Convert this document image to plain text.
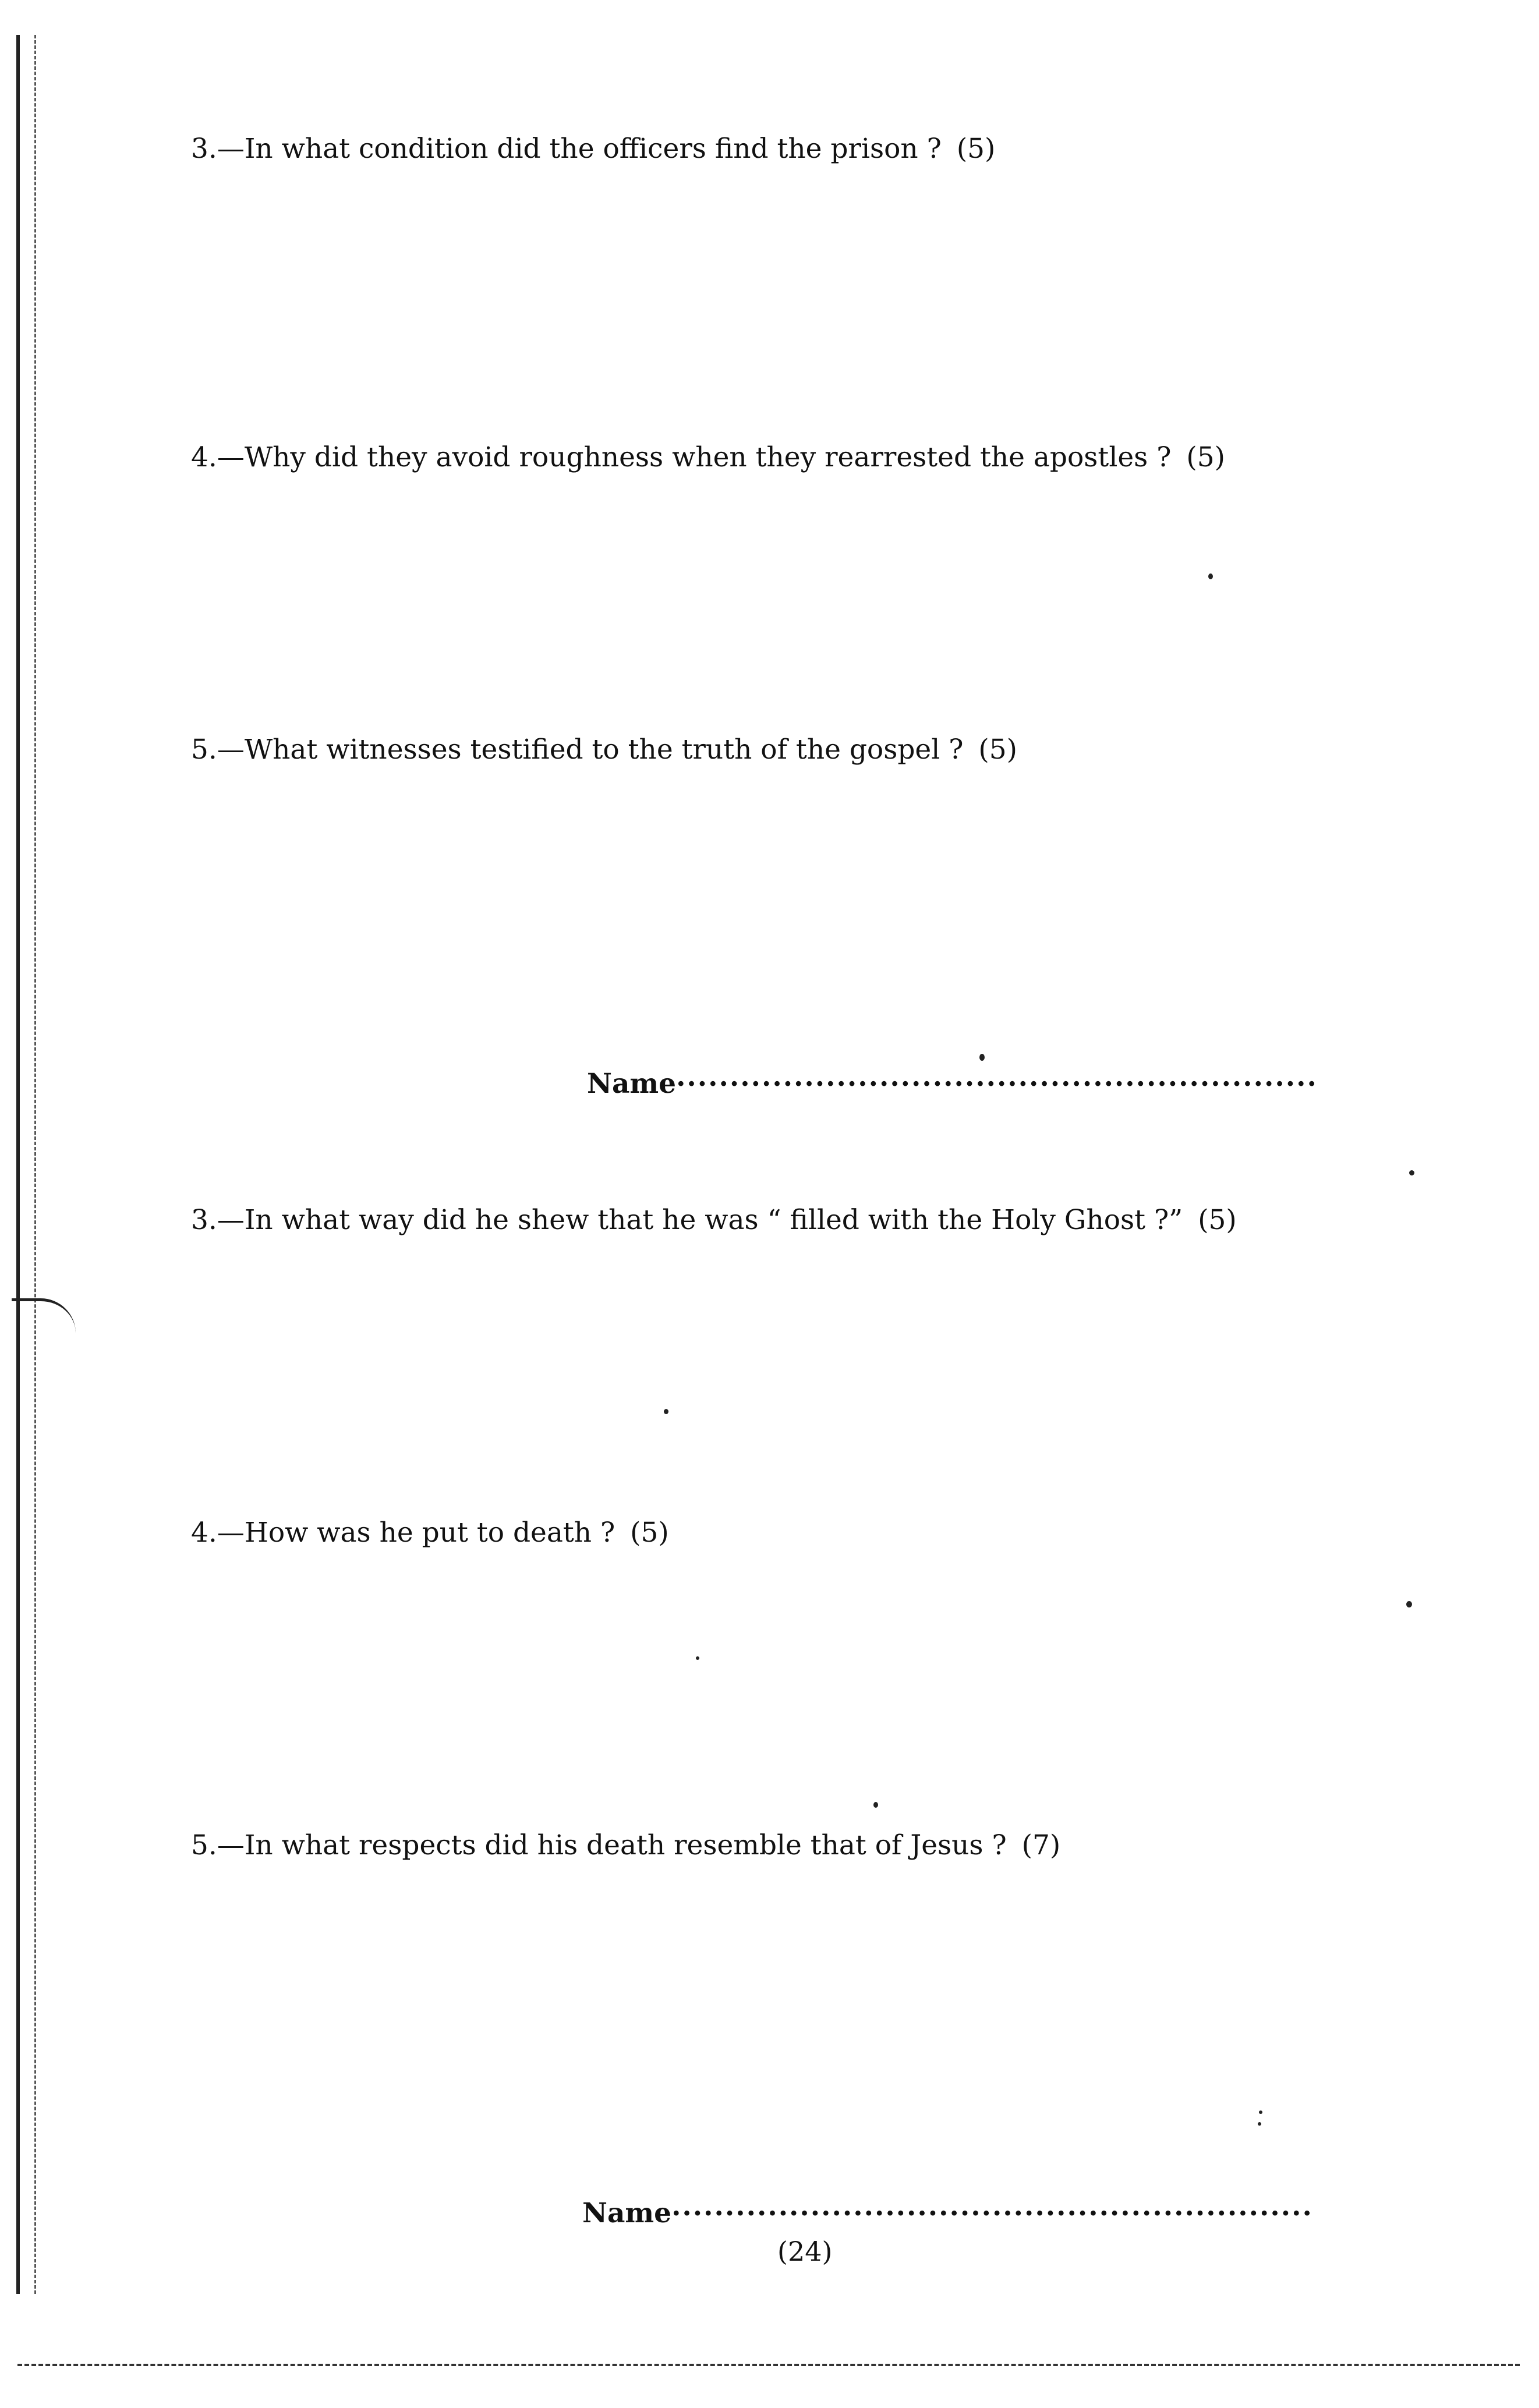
3.—In what condition did the officers find the prison ? (5)
4.—Why did they avoid roughness when they rearrested the apostles ? (5)
5.—What witnesses testified to the truth of the gospel ? (5)
Name............................................................
3.—In what way did he shew that he was “ filled with the Holy Ghost ?” (5)
4.—How was he put to death ? (5)
5.—In what respects did his death resemble that of Jesus ? (7)
Name............................................................
(24)
